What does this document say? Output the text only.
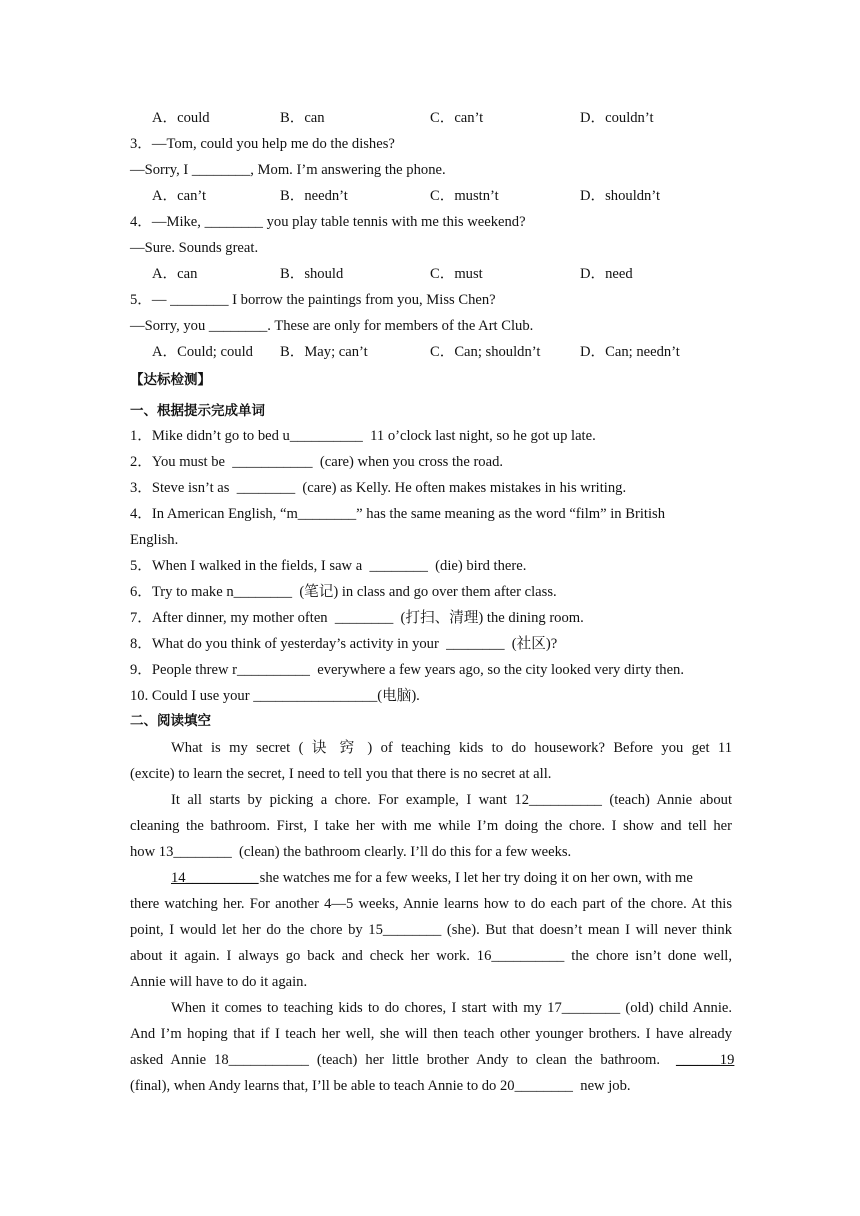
A．could	B．can	C．can’t	D．couldn’t
3．—Tom, could you help me do the dishes?
—Sorry, I ________, Mom. I’m answering the phone.
A．can’t	B．needn’t	C．mustn’t	D．shouldn’t
4．—Mike, ________ you play table tennis with me this weekend?
—Sure. Sounds great.
A．can	B．should	C．must	D．need
5．— ________ I borrow the paintings from you, Miss Chen?
—Sorry, you ________. These are only for members of the Art Club.
A．Could; could B．May; can’t	C．Can; shouldn’t	D．Can; needn’t
【达标检测】
一、根据提示完成单词
1．Mike didn’t go to bed u__________  11 o’clock last night, so he got up late.
2．You must be  ___________  (care) when you cross the road.
3．Steve isn’t as  ________  (care) as Kelly. He often makes mistakes in his writing.
4．In American English, “m________” has the same meaning as the word “film” in British
English.
5．When I walked in the fields, I saw a  ________  (die) bird there.
6．Try to make n________  (笔记) in class and go over them after class.
7．After dinner, my mother often  ________  (打扫、清理) the dining room.
8．What do you think of yesterday’s activity in your  ________  (社区)?
9．People threw r__________  everywhere a few years ago, so the city looked very dirty then.
10. Could I use your _________________(电脑).
二、阅读填空
What is my secret ( 诀 窍 ) of teaching kids to do housework? Before you get 11
(excite) to learn the secret, I need to tell you that there is no secret at all.
It all starts by picking a chore. For example, I want 12__________ (teach) Annie about
cleaning the bathroom. First, I take her with me while I’m doing the chore. I show and tell her
how 13________  (clean) the bathroom clearly. I’ll do this for a few weeks.
14__________
she watches me for a few weeks, I let her try doing it on her own, with me
there watching her. For another 4—5 weeks, Annie learns how to do each part of the chore. At this
point, I would let her do the chore by 15________ (she). But that doesn’t mean I will never think
about it again. I always go back and check her work. 16__________ the chore isn’t done well,
Annie will have to do it again.
When it comes to teaching kids to do chores, I start with my 17________ (old) child Annie.
And I’m hoping that if I teach her well, she will then teach other younger brothers. I have already
asked Annie 18___________ (teach) her little brother Andy to clean the bathroom. ______19
(final), when Andy learns that, I’ll be able to teach Annie to do 20________  new job.
